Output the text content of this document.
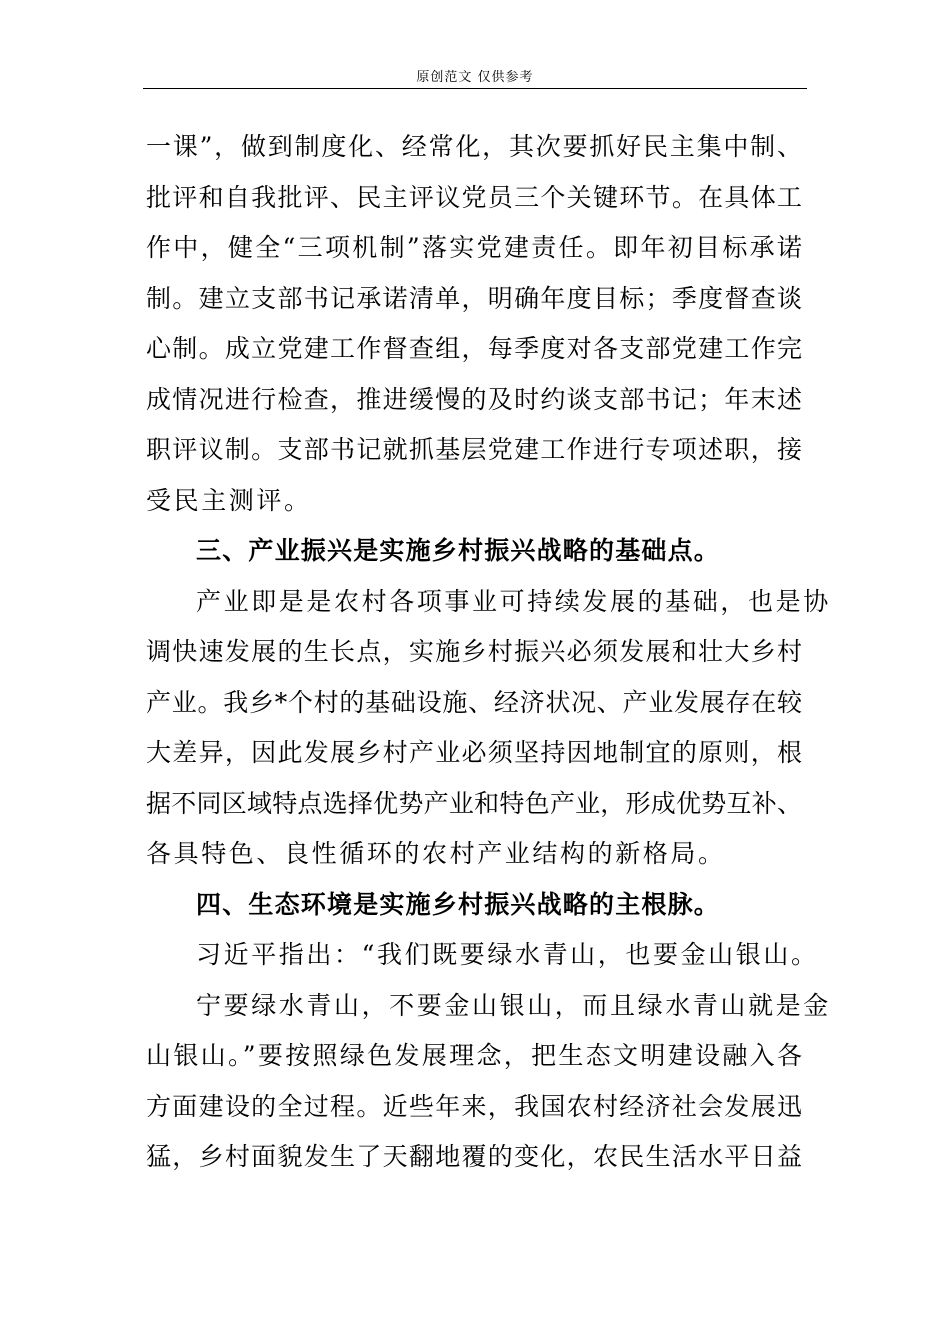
原创范文 仅供参考
一课”，做到制度化、经常化，其次要抓好民主集中制、
批评和自我批评、民主评议党员三个关键环节。在具体工
作中，健全“三项机制”落实党建责任。即年初目标承诺
制。建立支部书记承诺清单，明确年度目标；季度督查谈
心制。成立党建工作督查组，每季度对各支部党建工作完
成情况进行检查，推进缓慢的及时约谈支部书记；年末述
职评议制。支部书记就抓基层党建工作进行专项述职，接
受民主测评。
三、产业振兴是实施乡村振兴战略的基础点。
产业即是是农村各项事业可持续发展的基础，也是协
调快速发展的生长点，实施乡村振兴必须发展和壮大乡村
产业。我乡*个村的基础设施、经济状况、产业发展存在较
大差异，因此发展乡村产业必须坚持因地制宜的原则，根
据不同区域特点选择优势产业和特色产业，形成优势互补、
各具特色、良性循环的农村产业结构的新格局。
四、生态环境是实施乡村振兴战略的主根脉。
习近平指出：“我们既要绿水青山，也要金山银山。
宁要绿水青山，不要金山银山，而且绿水青山就是金
山银山。”要按照绿色发展理念，把生态文明建设融入各
方面建设的全过程。近些年来，我国农村经济社会发展迅
猛，乡村面貌发生了天翻地覆的变化，农民生活水平日益
